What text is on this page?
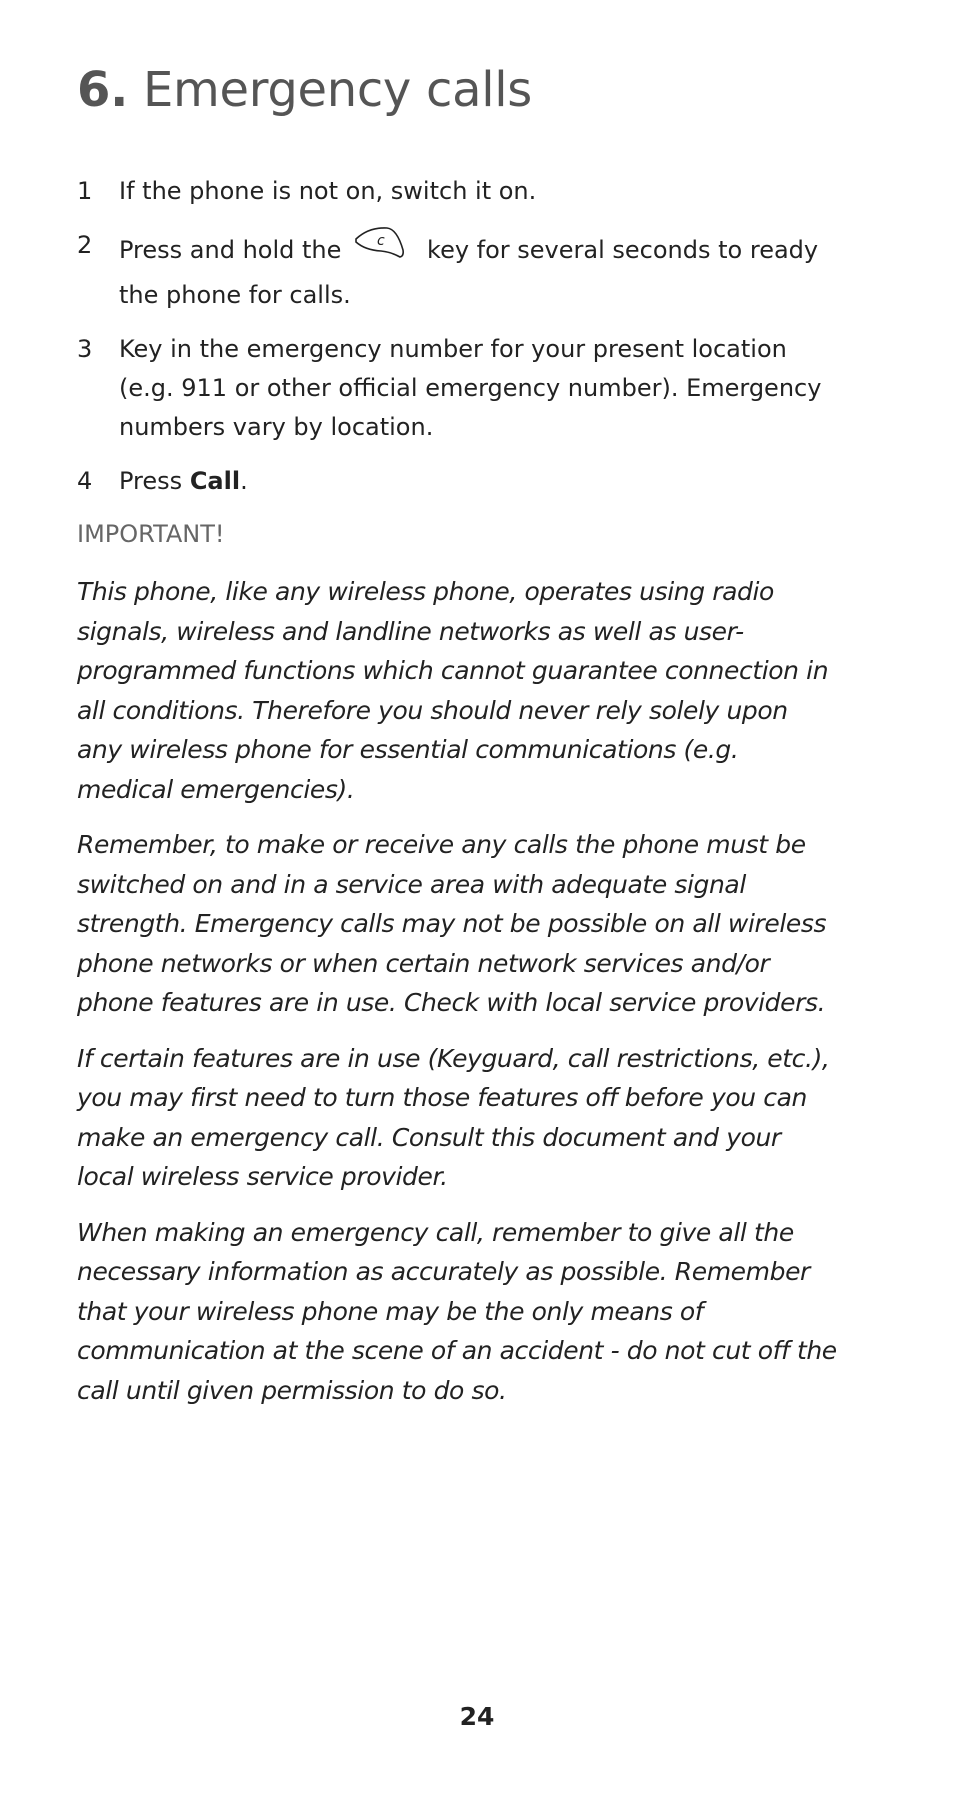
6. Emergency calls
1	If the phone is not on, switch it on.
2	Press and hold the	c key for several seconds to ready the phone for calls.
3	Key in the emergency number for your present location (e.g. 911 or other official emergency number). Emergency numbers vary by location.
4	Press Call.
IMPORTANT!

This phone, like any wireless phone, operates using radio signals, wireless and landline networks as well as user-programmed functions which cannot guarantee connection in all conditions. Therefore you should never rely solely upon any wireless phone for essential communications (e.g. medical emergencies).

Remember, to make or receive any calls the phone must be switched on and in a service area with adequate signal strength. Emergency calls may not be possible on all wireless phone networks or when certain network services and/or phone features are in use. Check with local service providers.

If certain features are in use (Keyguard, call restrictions, etc.), you may first need to turn those features off before you can make an emergency call. Consult this document and your local wireless service provider.

When making an emergency call, remember to give all the necessary information as accurately as possible. Remember that your wireless phone may be the only means of communication at the scene of an accident - do not cut off the call until given permission to do so.

24
